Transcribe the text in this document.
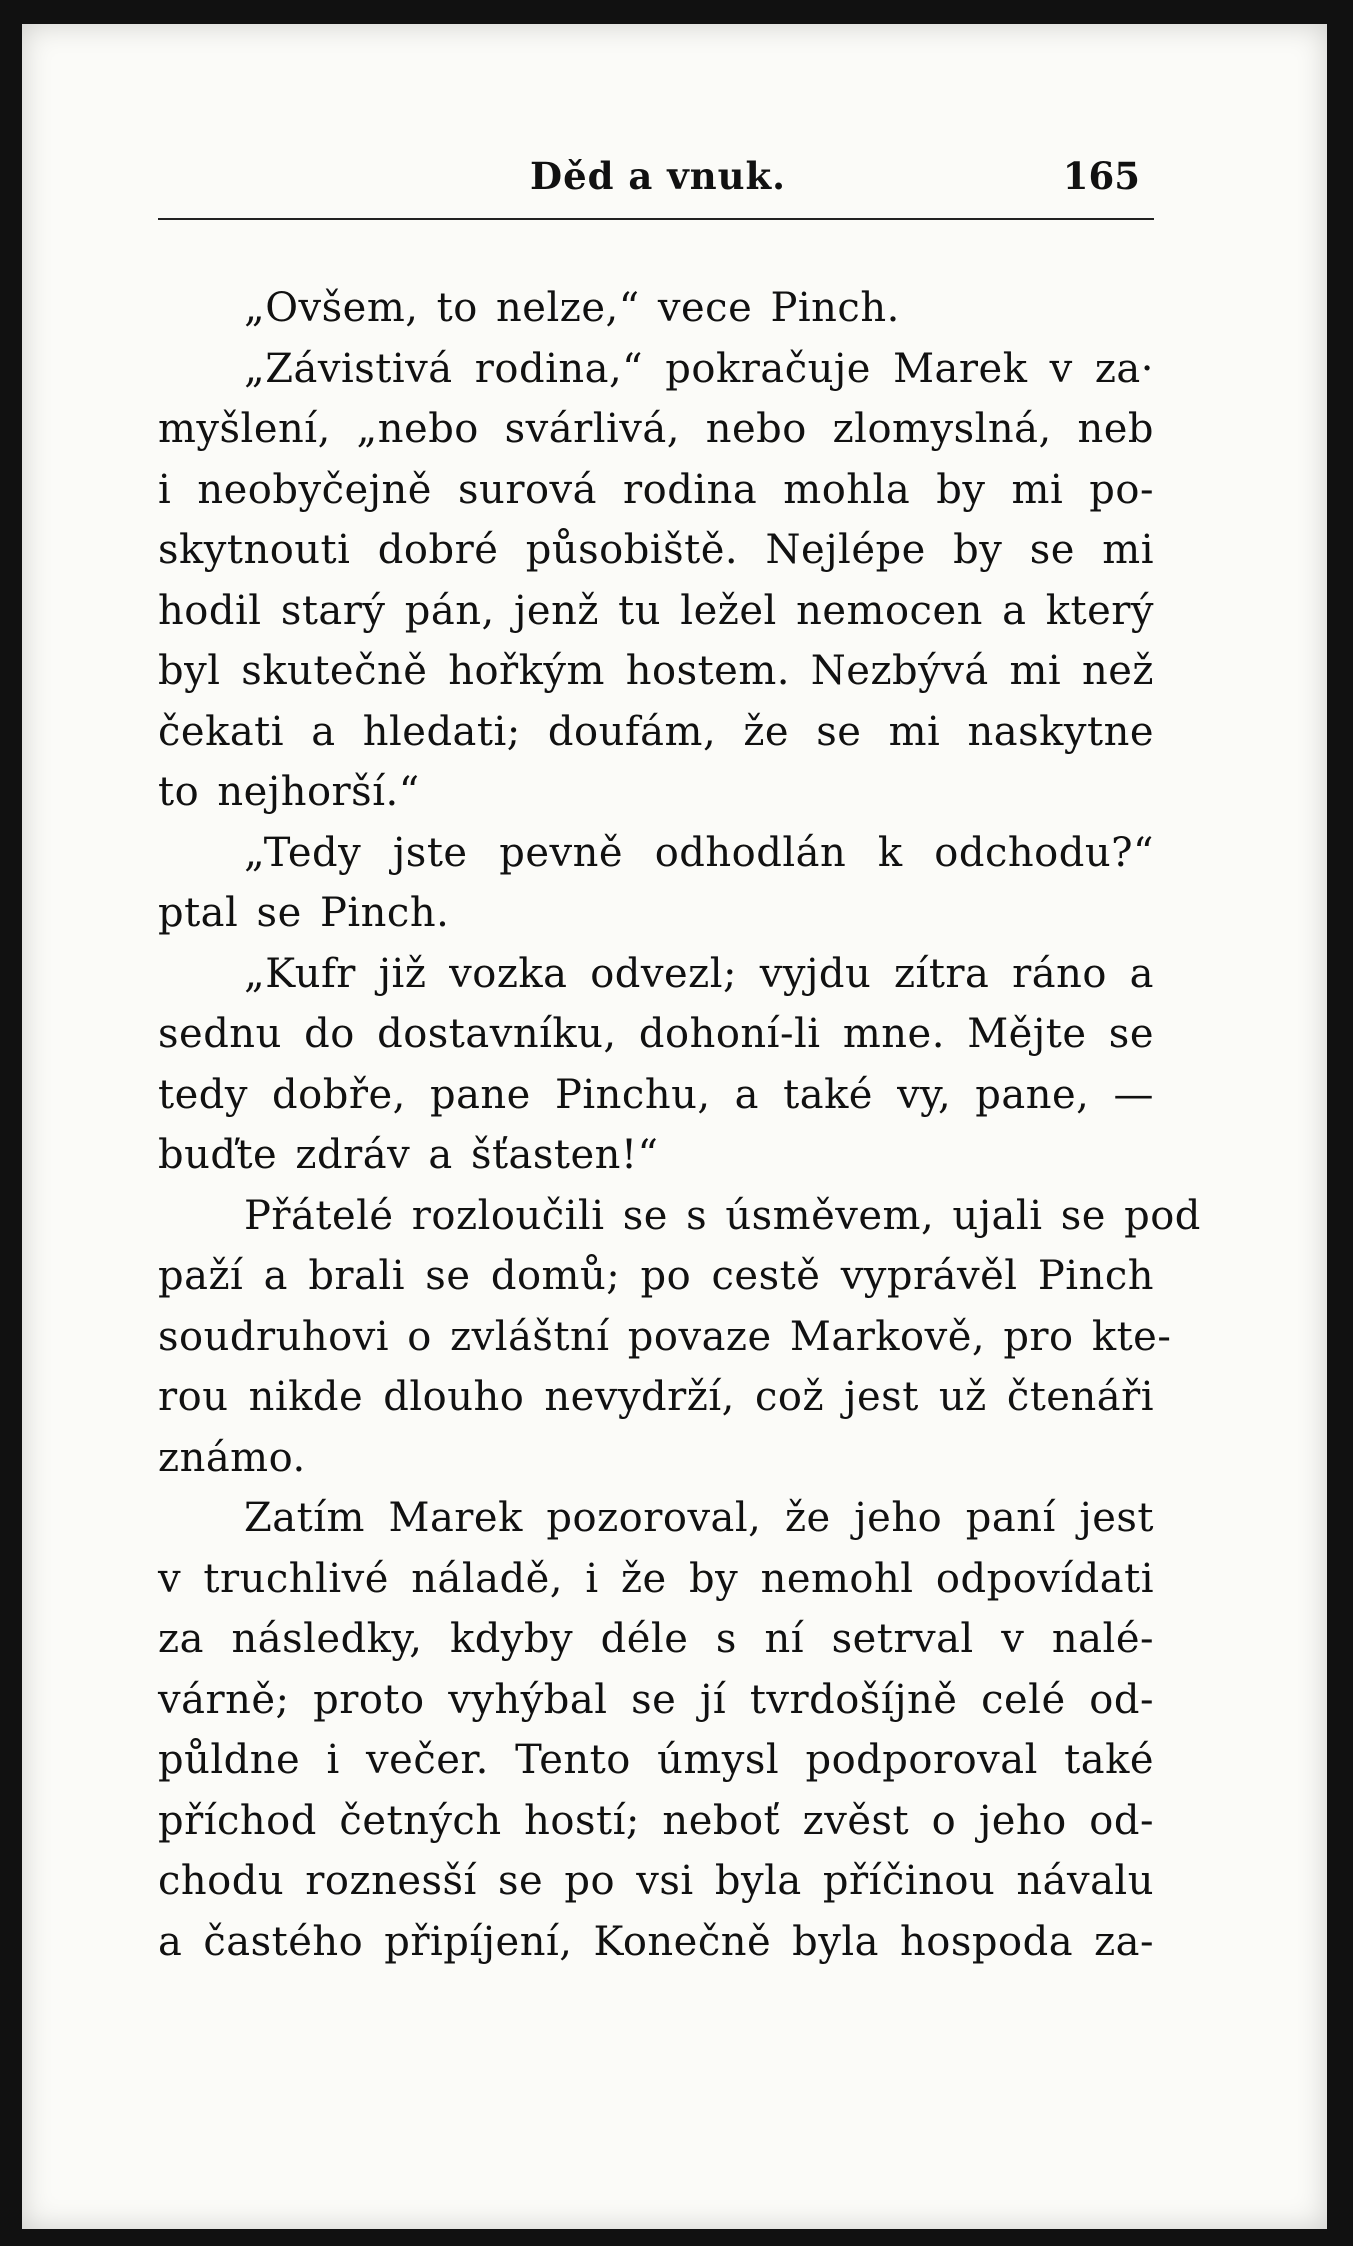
Děd a vnuk.	165
„Ovšem, to nelze,“ vece Pinch.
„Závistivá rodina,“ pokračuje Marek v za·
myšlení, „nebo svárlivá, nebo zlomyslná, neb
i neobyčejně surová rodina mohla by mi po-
skytnouti dobré působiště. Nejlépe by se mi
hodil starý pán, jenž tu ležel nemocen a který
byl skutečně hořkým hostem. Nezbývá mi než
čekati a hledati; doufám, že se mi naskytne
to nejhorší.“
„Tedy jste pevně odhodlán k odchodu?“
ptal se Pinch.
„Kufr již vozka odvezl; vyjdu zítra ráno a
sednu do dostavníku, dohoní-li mne. Mějte se
tedy dobře, pane Pinchu, a také vy, pane, —
buďte zdráv a šťasten!“
Přátelé rozloučili se s úsměvem, ujali se pod
paží a brali se domů; po cestě vyprávěl Pinch
soudruhovi o zvláštní povaze Markově, pro kte-
rou nikde dlouho nevydrží, což jest už čtenáři
známo.
Zatím Marek pozoroval, že jeho paní jest
v truchlivé náladě, i že by nemohl odpovídati
za následky, kdyby déle s ní setrval v nalé-
várně; proto vyhýbal se jí tvrdošíjně celé od-
půldne i večer. Tento úmysl podporoval také
příchod četných hostí; neboť zvěst o jeho od-
chodu roznesší se po vsi byla příčinou návalu
a častého připíjení, Konečně byla hospoda za-
